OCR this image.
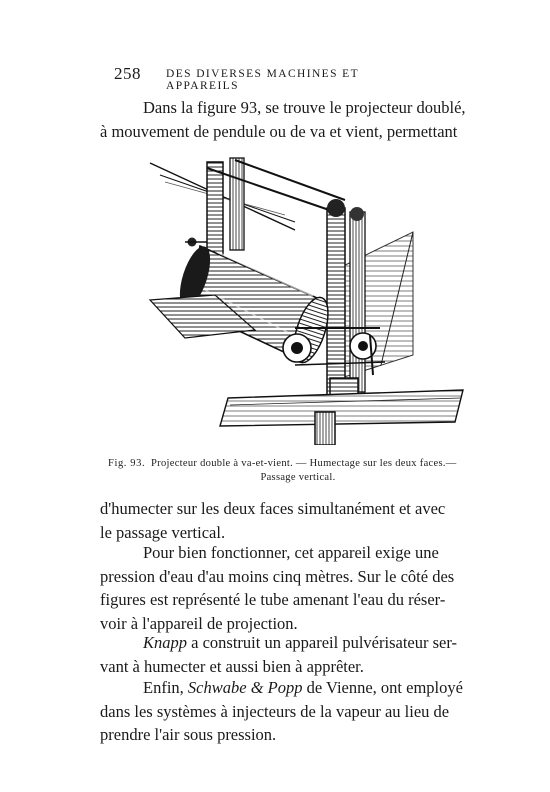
258 DES DIVERSES MACHINES ET APPAREILS
Dans la figure 93, se trouve le projecteur doublé,
à mouvement de pendule ou de va et vient, permettant
Fig. 93. Projecteur double à va-et-vient. — Humectage sur les deux faces.—
Passage vertical.
d'humecter sur les deux faces simultanément et avec
le passage vertical.
Pour bien fonctionner, cet appareil exige une
pression d'eau d'au moins cinq mètres. Sur le côté des
figures est représenté le tube amenant l'eau du réser-
voir à l'appareil de projection.
Knapp a construit un appareil pulvérisateur ser-
vant à humecter et aussi bien à apprêter.
Enfin, Schwabe & Popp de Vienne, ont employé
dans les systèmes à injecteurs de la vapeur au lieu de
prendre l'air sous pression.
